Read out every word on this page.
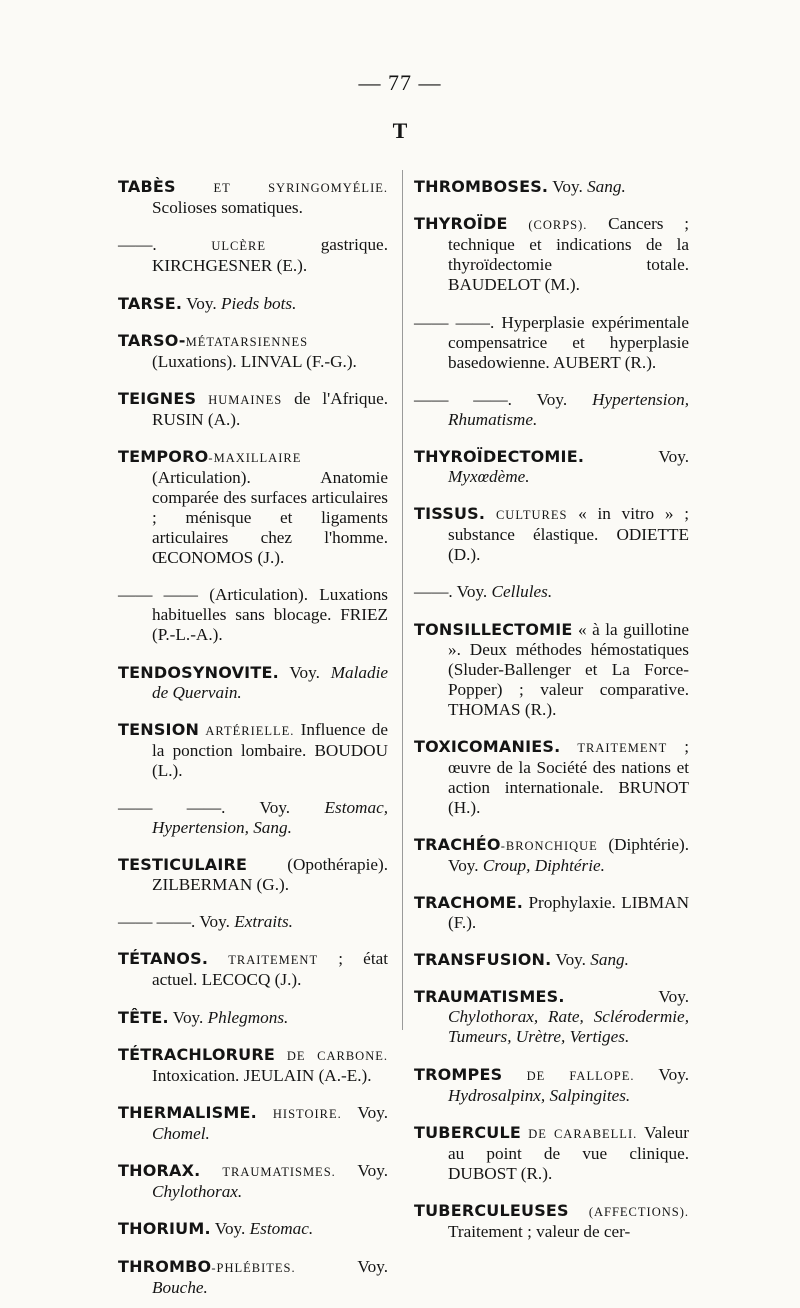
— 77 —
T

TABÈS	ET SYRINGOMYÉLIE. Scolioses somatiques.

——.	ULCÈRE gastrique. KIRCHGESNER (E.).

TARSE. Voy. Pieds bots.

TARSO-MÉTATARSIENNES (Luxations). LINVAL (F.-G.).

TEIGNES HUMAINES de l'Afrique. RUSIN (A.).

TEMPORO-MAXILLAIRE (Articulation). Anatomie comparée des surfaces articulaires ; ménisque et ligaments articulaires chez l'homme. ŒCONOMOS (J.).

—— —— (Articulation). Luxations habituelles sans blocage. FRIEZ (P.-L.-A.).

TENDOSYNOVITE. Voy. Maladie de Quervain.

TENSION ARTÉRIELLE. Influence de la ponction lombaire. BOUDOU (L.).

—— ——. Voy. Estomac, Hypertension, Sang.

TESTICULAIRE (Opothérapie). ZILBERMAN (G.).

—— ——. Voy. Extraits.

TÉTANOS. TRAITEMENT ; état actuel. LECOCQ (J.).

TÊTE. Voy. Phlegmons.

TÉTRACHLORURE DE CARBONE. Intoxication. JEULAIN (A.-E.).

THERMALISME. HISTOIRE. Voy. Chomel.

THORAX. TRAUMATISMES. Voy. Chylothorax.

THORIUM. Voy. Estomac.

THROMBO-PHLÉBITES. Voy. Bouche.

THROMBOSES. Voy. Sang.

THYROÏDE (CORPS). Cancers ; technique et indications de la thyroïdectomie totale. BAUDELOT (M.).

—— ——. Hyperplasie expérimentale compensatrice et hyperplasie basedowienne. AUBERT (R.).

—— ——. Voy. Hypertension, Rhumatisme.

THYROÏDECTOMIE. Voy. Myxœdème.

TISSUS. CULTURES « in vitro » ; substance élastique. ODIETTE (D.).

——. Voy. Cellules.

TONSILLECTOMIE « à la guillotine ». Deux méthodes hémostatiques (Sluder-Ballenger et La Force-Popper) ; valeur comparative. THOMAS (R.).

TOXICOMANIES. TRAITEMENT ; œuvre de la Société des nations et action internationale. BRUNOT (H.).

TRACHÉO-BRONCHIQUE (Diphtérie). Voy. Croup, Diphtérie.

TRACHOME. Prophylaxie. LIBMAN (F.).

TRANSFUSION. Voy. Sang.

TRAUMATISMES. Voy. Chylothorax, Rate, Sclérodermie, Tumeurs, Urètre, Vertiges.

TROMPES DE FALLOPE. Voy. Hydrosalpinx, Salpingites.

TUBERCULE DE CARABELLI. Valeur au point de vue clinique. DUBOST (R.).

TUBERCULEUSES (AFFECTIONS). Traitement ; valeur de cer-
